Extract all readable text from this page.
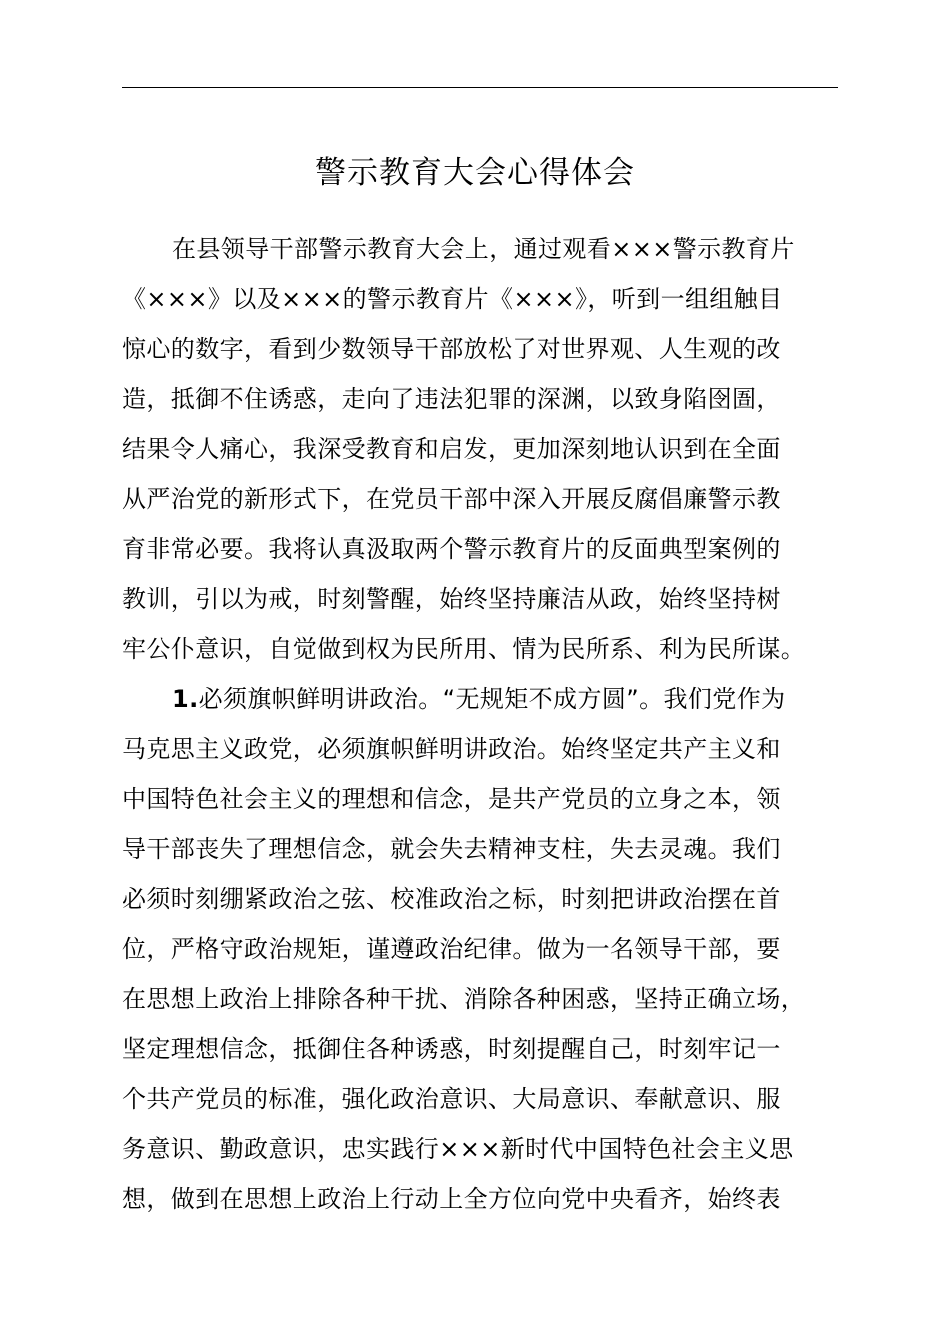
警示教育大会心得体会

在县领导干部警示教育大会上，通过观看×××警示教育片
《×××》以及×××的警示教育片《×××》，听到一组组触目
惊心的数字，看到少数领导干部放松了对世界观、人生观的改
造，抵御不住诱惑，走向了违法犯罪的深渊，以致身陷囹圄，
结果令人痛心，我深受教育和启发，更加深刻地认识到在全面
从严治党的新形式下，在党员干部中深入开展反腐倡廉警示教
育非常必要。我将认真汲取两个警示教育片的反面典型案例的
教训，引以为戒，时刻警醒，始终坚持廉洁从政，始终坚持树
牢公仆意识，自觉做到权为民所用、情为民所系、利为民所谋。

1.必须旗帜鲜明讲政治。“无规矩不成方圆”。我们党作为
马克思主义政党，必须旗帜鲜明讲政治。始终坚定共产主义和
中国特色社会主义的理想和信念，是共产党员的立身之本，领
导干部丧失了理想信念，就会失去精神支柱，失去灵魂。我们
必须时刻绷紧政治之弦、校准政治之标，时刻把讲政治摆在首
位，严格守政治规矩，谨遵政治纪律。做为一名领导干部，要
在思想上政治上排除各种干扰、消除各种困惑，坚持正确立场，
坚定理想信念，抵御住各种诱惑，时刻提醒自己，时刻牢记一
个共产党员的标准，强化政治意识、大局意识、奉献意识、服
务意识、勤政意识，忠实践行×××新时代中国特色社会主义思
想，做到在思想上政治上行动上全方位向党中央看齐，始终表
